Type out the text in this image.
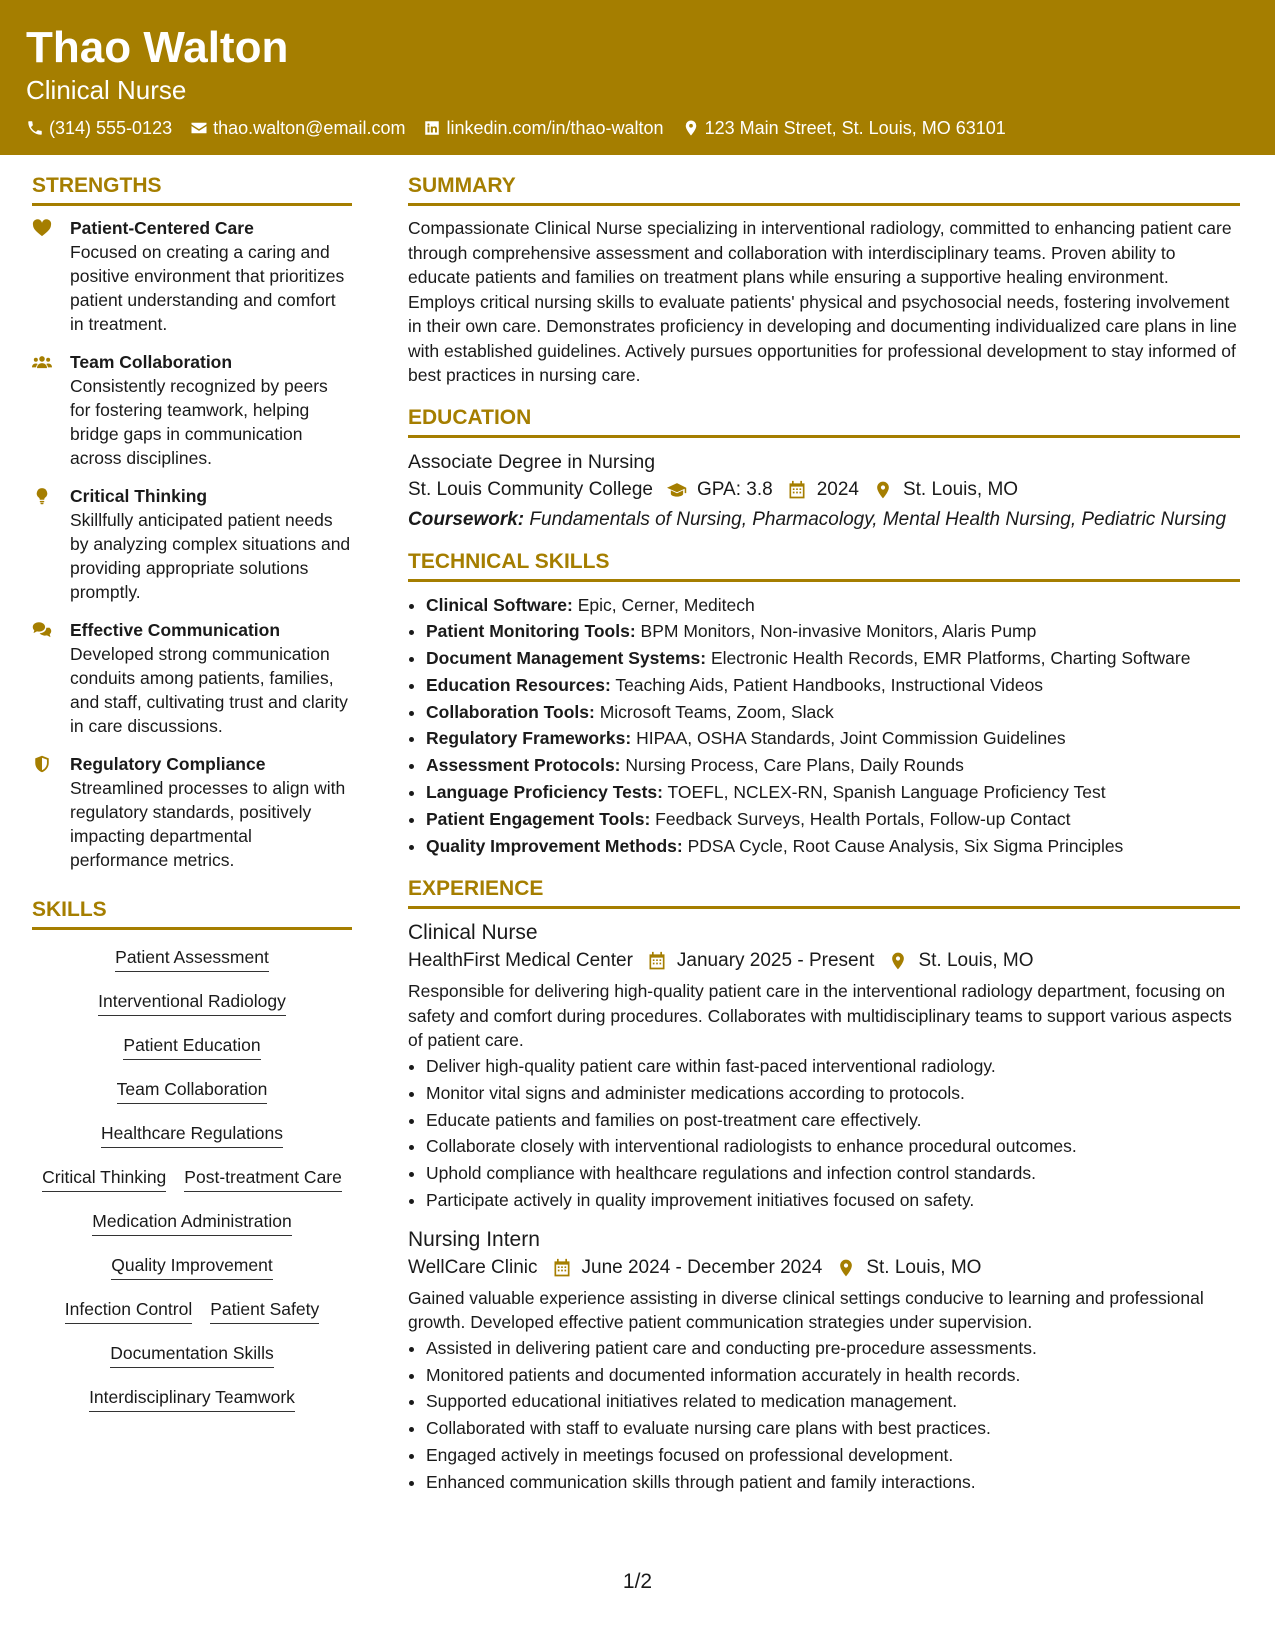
Thao Walton
Clinical Nurse
(314) 555-0123 thao.walton@email.com linkedin.com/in/thao-walton 123 Main Street, St. Louis, MO 63101
STRENGTHS
Patient-Centered Care
Focused on creating a caring and positive environment that prioritizes patient understanding and comfort in treatment.
Team Collaboration
Consistently recognized by peers for fostering teamwork, helping bridge gaps in communication across disciplines.
Critical Thinking
Skillfully anticipated patient needs by analyzing complex situations and providing appropriate solutions promptly.
Effective Communication
Developed strong communication conduits among patients, families, and staff, cultivating trust and clarity in care discussions.
Regulatory Compliance
Streamlined processes to align with regulatory standards, positively impacting departmental performance metrics.
SKILLS
Patient Assessment
Interventional Radiology
Patient Education
Team Collaboration
Healthcare Regulations
Critical Thinking Post-treatment Care
Medication Administration
Quality Improvement
Infection Control Patient Safety
Documentation Skills
Interdisciplinary Teamwork
SUMMARY
Compassionate Clinical Nurse specializing in interventional radiology, committed to enhancing patient care through comprehensive assessment and collaboration with interdisciplinary teams. Proven ability to educate patients and families on treatment plans while ensuring a supportive healing environment. Employs critical nursing skills to evaluate patients' physical and psychosocial needs, fostering involvement in their own care. Demonstrates proficiency in developing and documenting individualized care plans in line with established guidelines. Actively pursues opportunities for professional development to stay informed of best practices in nursing care.
EDUCATION
Associate Degree in Nursing
St. Louis Community College GPA: 3.8 2024 St. Louis, MO
Coursework: Fundamentals of Nursing, Pharmacology, Mental Health Nursing, Pediatric Nursing
TECHNICAL SKILLS
• Clinical Software: Epic, Cerner, Meditech
• Patient Monitoring Tools: BPM Monitors, Non-invasive Monitors, Alaris Pump
• Document Management Systems: Electronic Health Records, EMR Platforms, Charting Software
• Education Resources: Teaching Aids, Patient Handbooks, Instructional Videos
• Collaboration Tools: Microsoft Teams, Zoom, Slack
• Regulatory Frameworks: HIPAA, OSHA Standards, Joint Commission Guidelines
• Assessment Protocols: Nursing Process, Care Plans, Daily Rounds
• Language Proficiency Tests: TOEFL, NCLEX-RN, Spanish Language Proficiency Test
• Patient Engagement Tools: Feedback Surveys, Health Portals, Follow-up Contact
• Quality Improvement Methods: PDSA Cycle, Root Cause Analysis, Six Sigma Principles
EXPERIENCE
Clinical Nurse
HealthFirst Medical Center January 2025 - Present St. Louis, MO
Responsible for delivering high-quality patient care in the interventional radiology department, focusing on safety and comfort during procedures. Collaborates with multidisciplinary teams to support various aspects of patient care.
• Deliver high-quality patient care within fast-paced interventional radiology.
• Monitor vital signs and administer medications according to protocols.
• Educate patients and families on post-treatment care effectively.
• Collaborate closely with interventional radiologists to enhance procedural outcomes.
• Uphold compliance with healthcare regulations and infection control standards.
• Participate actively in quality improvement initiatives focused on safety.
Nursing Intern
WellCare Clinic June 2024 - December 2024 St. Louis, MO
Gained valuable experience assisting in diverse clinical settings conducive to learning and professional growth. Developed effective patient communication strategies under supervision.
• Assisted in delivering patient care and conducting pre-procedure assessments.
• Monitored patients and documented information accurately in health records.
• Supported educational initiatives related to medication management.
• Collaborated with staff to evaluate nursing care plans with best practices.
• Engaged actively in meetings focused on professional development.
• Enhanced communication skills through patient and family interactions.
1/2
